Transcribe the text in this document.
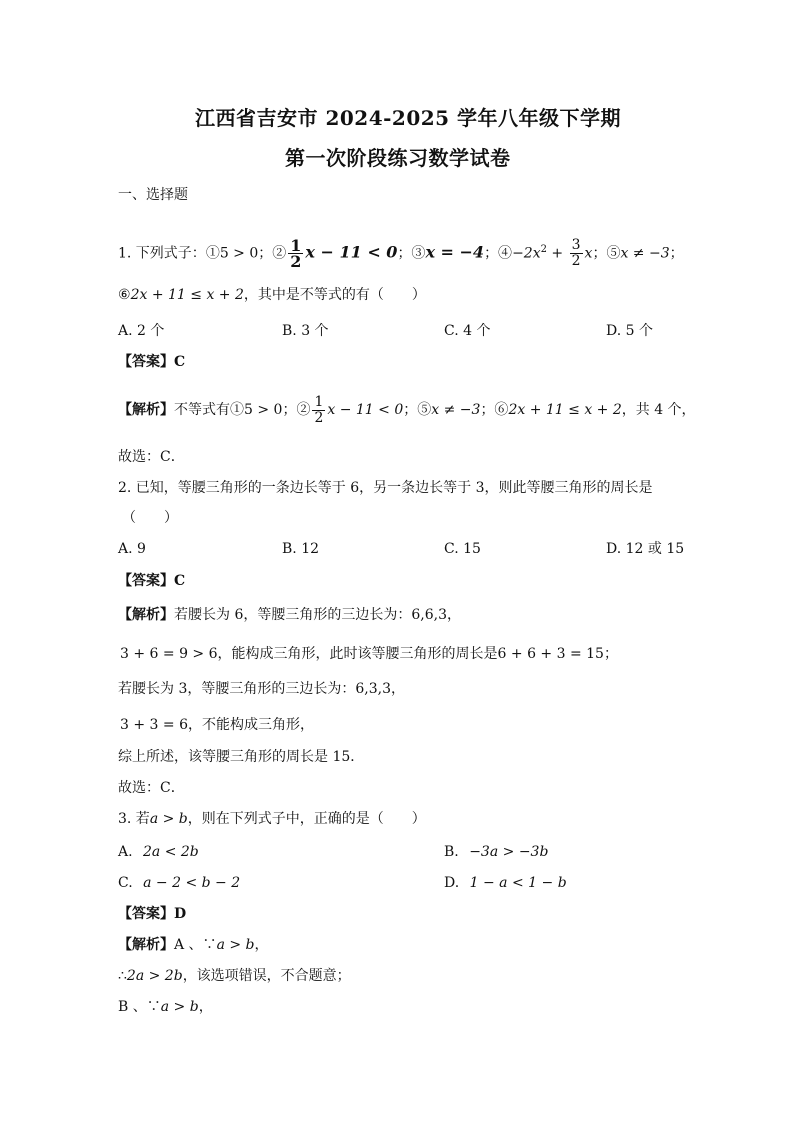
江西省吉安市 2024-2025 学年八年级下学期
第一次阶段练习数学试卷
一、选择题
1. 下列式子：①5 > 0；② $\frac{1}{2}$ x − 11 < 0；③x = −4；$④-2x^2 + \frac{3}{2}$ x；⑤x ≠ −3；
⑥2x + 11 ≤ x + 2，其中是不等式的有（　　）
A. 2 个	B. 3 个	C. 4 个	D. 5 个
【答案】C
【解析】不等式有①5 > 0；② $\frac{1}{2}$ x − 11 < 0；⑤x ≠ −3；⑥2x + 11 ≤ x + 2，共 4 个，
故选：C．
2. 已知，等腰三角形的一条边长等于 6，另一条边长等于 3，则此等腰三角形的周长是
（　　）
A. 9	B. 12	C. 15	D. 12 或 15
【答案】C
【解析】若腰长为 6，等腰三角形的三边长为：6,6,3，
3 + 6 = 9 > 6，能构成三角形，此时该等腰三角形的周长是6 + 6 + 3 = 15；
若腰长为 3，等腰三角形的三边长为：6,3,3，
3 + 3 = 6，不能构成三角形，
综上所述，该等腰三角形的周长是 15．
故选：C．
3. 若a > b，则在下列式子中，正确的是（　　）
A. 2a < 2b	B. −3a > −3b
C. a − 2 < b − 2	D. 1 − a < 1 − b
【答案】D
【解析】A 、∵a > b，
∴2a > 2b，该选项错误，不合题意；
B 、∵a > b，
